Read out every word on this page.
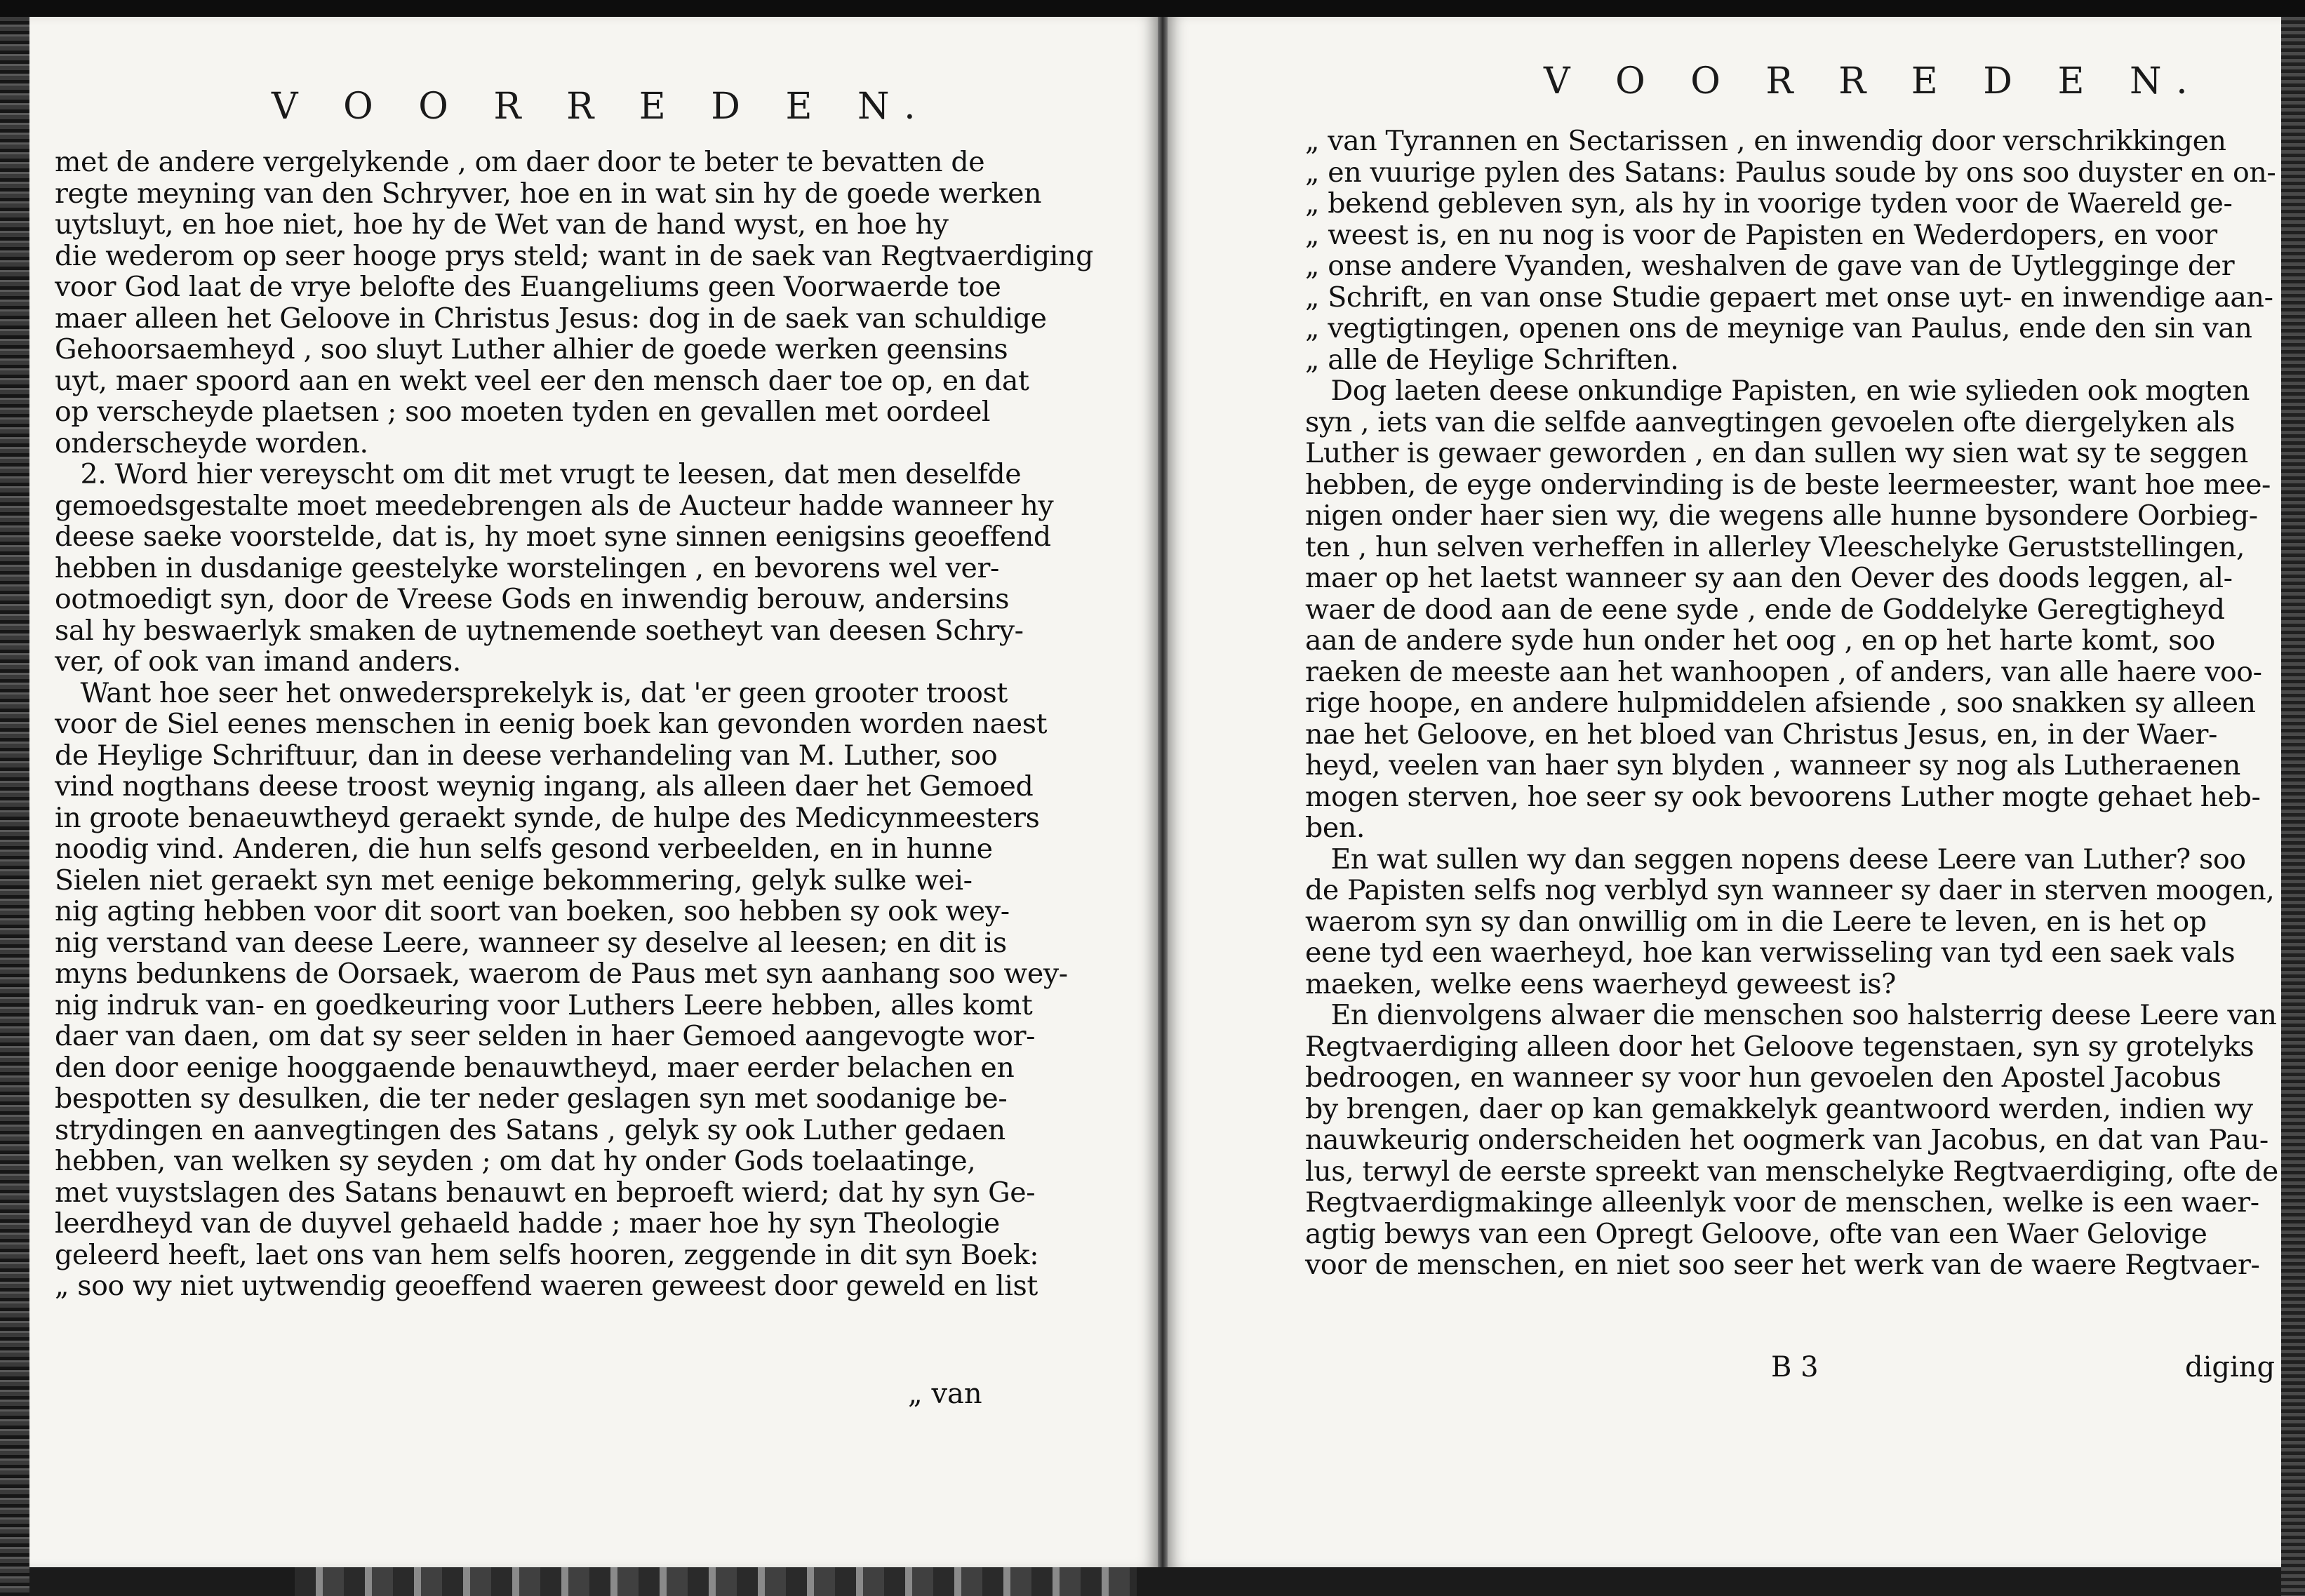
V O O R R E D E N.
met de andere vergelykende , om daer door te beter te bevatten de
regte meyning van den Schryver, hoe en in wat sin hy de goede werken
uytsluyt, en hoe niet, hoe hy de Wet van de hand wyst, en hoe hy
die wederom op seer hooge prys steld; want in de saek van Regtvaerdiging
voor God laat de vrye belofte des Euangeliums geen Voorwaerde toe
maer alleen het Geloove in Christus Jesus: dog in de saek van schuldige
Gehoorsaemheyd , soo sluyt Luther alhier de goede werken geensins
uyt, maer spoord aan en wekt veel eer den mensch daer toe op, en dat
op verscheyde plaetsen ; soo moeten tyden en gevallen met oordeel
onderscheyde worden.
2. Word hier vereyscht om dit met vrugt te leesen, dat men deselfde
gemoedsgestalte moet meedebrengen als de Aucteur hadde wanneer hy
deese saeke voorstelde, dat is, hy moet syne sinnen eenigsins geoeffend
hebben in dusdanige geestelyke worstelingen , en bevorens wel ver-
ootmoedigt syn, door de Vreese Gods en inwendig berouw, andersins
sal hy beswaerlyk smaken de uytnemende soetheyt van deesen Schry-
ver, of ook van imand anders.
Want hoe seer het onwedersprekelyk is, dat 'er geen grooter troost
voor de Siel eenes menschen in eenig boek kan gevonden worden naest
de Heylige Schriftuur, dan in deese verhandeling van M. Luther, soo
vind nogthans deese troost weynig ingang, als alleen daer het Gemoed
in groote benaeuwtheyd geraekt synde, de hulpe des Medicynmeesters
noodig vind. Anderen, die hun selfs gesond verbeelden, en in hunne
Sielen niet geraekt syn met eenige bekommering, gelyk sulke wei-
nig agting hebben voor dit soort van boeken, soo hebben sy ook wey-
nig verstand van deese Leere, wanneer sy deselve al leesen; en dit is
myns bedunkens de Oorsaek, waerom de Paus met syn aanhang soo wey-
nig indruk van- en goedkeuring voor Luthers Leere hebben, alles komt
daer van daen, om dat sy seer selden in haer Gemoed aangevogte wor-
den door eenige hooggaende benauwtheyd, maer eerder belachen en
bespotten sy desulken, die ter neder geslagen syn met soodanige be-
strydingen en aanvegtingen des Satans , gelyk sy ook Luther gedaen
hebben, van welken sy seyden ; om dat hy onder Gods toelaatinge,
met vuystslagen des Satans benauwt en beproeft wierd; dat hy syn Ge-
leerdheyd van de duyvel gehaeld hadde ; maer hoe hy syn Theologie
geleerd heeft, laet ons van hem selfs hooren, zeggende in dit syn Boek:
„ soo wy niet uytwendig geoeffend waeren geweest door geweld en list
„ van
V O O R R E D E N.
„ van Tyrannen en Sectarissen , en inwendig door verschrikkingen
„ en vuurige pylen des Satans: Paulus soude by ons soo duyster en on-
„ bekend gebleven syn, als hy in voorige tyden voor de Waereld ge-
„ weest is, en nu nog is voor de Papisten en Wederdopers, en voor
„ onse andere Vyanden, weshalven de gave van de Uytlegginge der
„ Schrift, en van onse Studie gepaert met onse uyt- en inwendige aan-
„ vegtigtingen, openen ons de meynige van Paulus, ende den sin van
„ alle de Heylige Schriften.
Dog laeten deese onkundige Papisten, en wie sylieden ook mogten
syn , iets van die selfde aanvegtingen gevoelen ofte diergelyken als
Luther is gewaer geworden , en dan sullen wy sien wat sy te seggen
hebben, de eyge ondervinding is de beste leermeester, want hoe mee-
nigen onder haer sien wy, die wegens alle hunne bysondere Oorbieg-
ten , hun selven verheffen in allerley Vleeschelyke Geruststellingen,
maer op het laetst wanneer sy aan den Oever des doods leggen, al-
waer de dood aan de eene syde , ende de Goddelyke Geregtigheyd
aan de andere syde hun onder het oog , en op het harte komt, soo
raeken de meeste aan het wanhoopen , of anders, van alle haere voo-
rige hoope, en andere hulpmiddelen afsiende , soo snakken sy alleen
nae het Geloove, en het bloed van Christus Jesus, en, in der Waer-
heyd, veelen van haer syn blyden , wanneer sy nog als Lutheraenen
mogen sterven, hoe seer sy ook bevoorens Luther mogte gehaet heb-
ben.
En wat sullen wy dan seggen nopens deese Leere van Luther? soo
de Papisten selfs nog verblyd syn wanneer sy daer in sterven moogen,
waerom syn sy dan onwillig om in die Leere te leven, en is het op
eene tyd een waerheyd, hoe kan verwisseling van tyd een saek vals
maeken, welke eens waerheyd geweest is?
En dienvolgens alwaer die menschen soo halsterrig deese Leere van
Regtvaerdiging alleen door het Geloove tegenstaen, syn sy grotelyks
bedroogen, en wanneer sy voor hun gevoelen den Apostel Jacobus
by brengen, daer op kan gemakkelyk geantwoord werden, indien wy
nauwkeurig onderscheiden het oogmerk van Jacobus, en dat van Pau-
lus, terwyl de eerste spreekt van menschelyke Regtvaerdiging, ofte de
Regtvaerdigmakinge alleenlyk voor de menschen, welke is een waer-
agtig bewys van een Opregt Geloove, ofte van een Waer Gelovige
voor de menschen, en niet soo seer het werk van de waere Regtvaer-
B 3	diging
